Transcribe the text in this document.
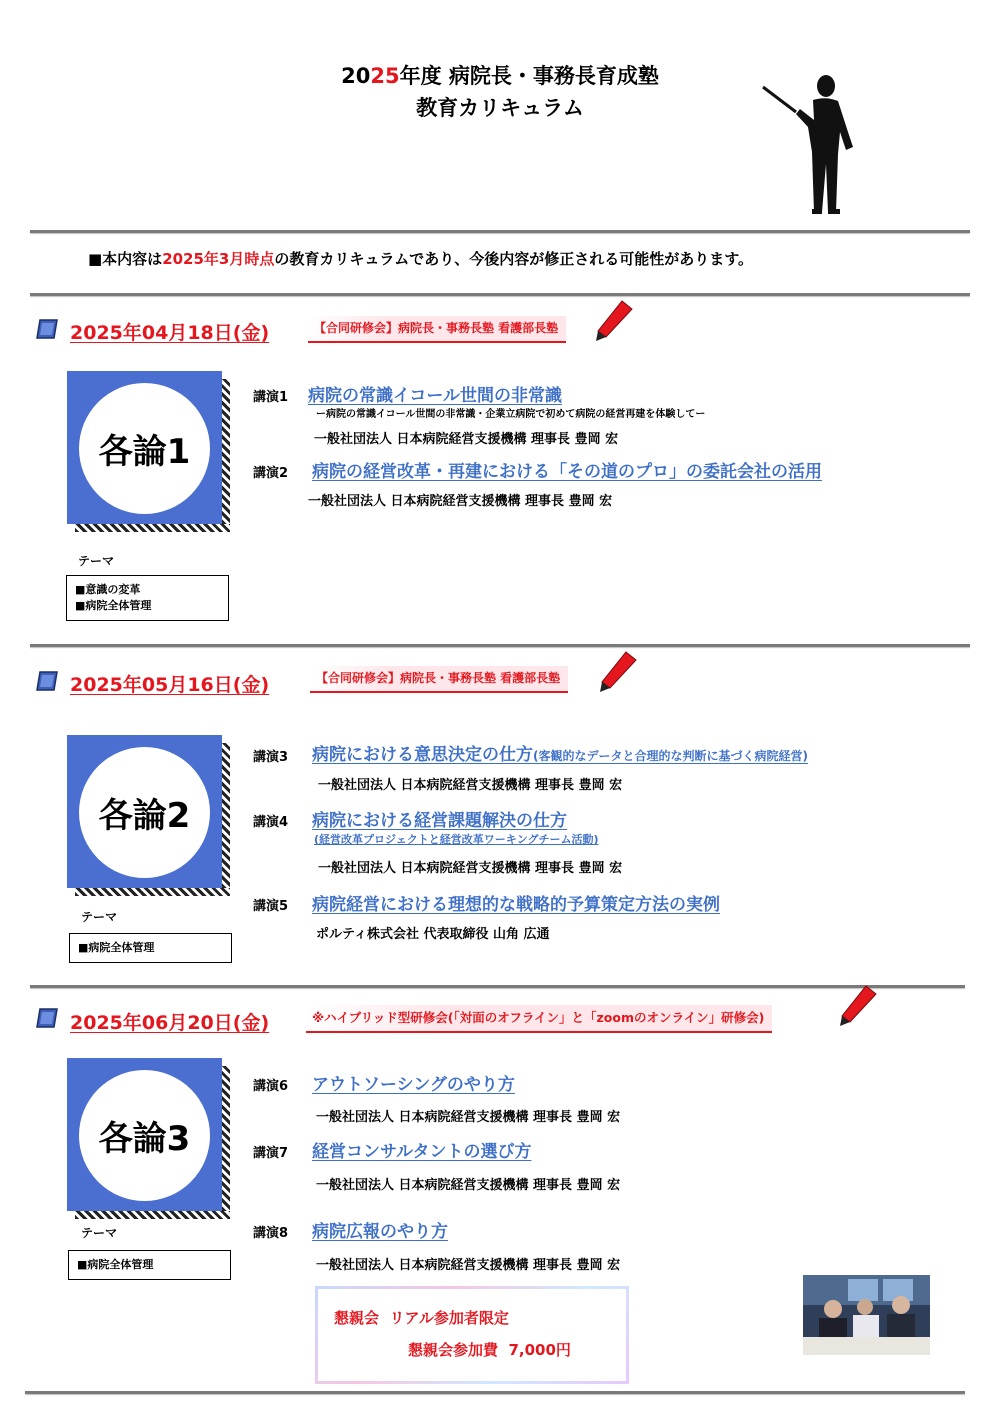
2025年度 病院長・事務長育成塾
教育カリキュラム
■本内容は2025年3月時点の教育カリキュラムであり、今後内容が修正される可能性があります。
2025年04月18日(金)	【合同研修会】病院長・事務長塾 看護部長塾
各論1
テーマ
■意識の変革
■病院全体管理
講演1 病院の常識イコール世間の非常識
ー病院の常識イコール世間の非常識・企業立病院で初めて病院の経営再建を体験してー
一般社団法人 日本病院経営支援機構 理事長 豊岡 宏
講演2 病院の経営改革・再建における「その道のプロ」の委託会社の活用
一般社団法人 日本病院経営支援機構 理事長 豊岡 宏
2025年05月16日(金)	【合同研修会】病院長・事務長塾 看護部長塾
各論2
テーマ
■病院全体管理
講演3 病院における意思決定の仕方(客観的なデータと合理的な判断に基づく病院経営)
一般社団法人 日本病院経営支援機構 理事長 豊岡 宏
講演4 病院における経営課題解決の仕方
(経営改革プロジェクトと経営改革ワーキングチーム活動)
一般社団法人 日本病院経営支援機構 理事長 豊岡 宏
講演5 病院経営における理想的な戦略的予算策定方法の実例
ポルティ株式会社 代表取締役 山角 広通
2025年06月20日(金)	※ハイブリッド型研修会(「対面のオフライン」と「zoomのオンライン」研修会)
各論3
テーマ
■病院全体管理
講演6 アウトソーシングのやり方
一般社団法人 日本病院経営支援機構 理事長 豊岡 宏
講演7 経営コンサルタントの選び方
一般社団法人 日本病院経営支援機構 理事長 豊岡 宏
講演8 病院広報のやり方
一般社団法人 日本病院経営支援機構 理事長 豊岡 宏
懇親会  リアル参加者限定
懇親会参加費  7,000円
